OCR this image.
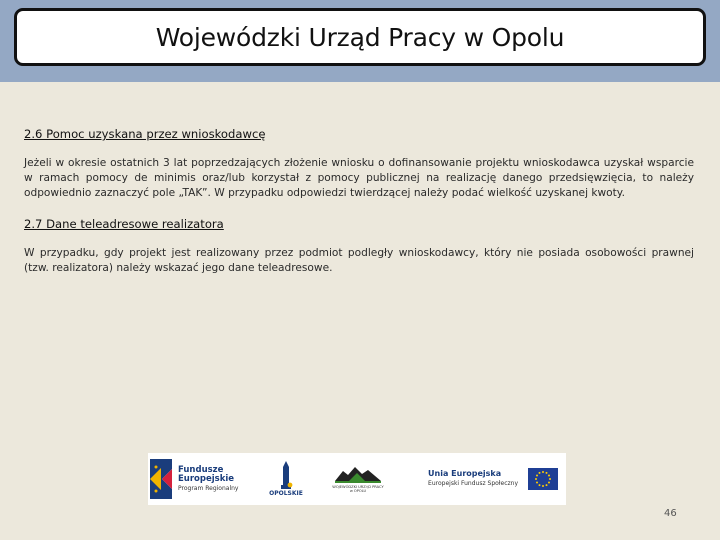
Wojewódzki Urząd Pracy w Opolu
2.6 Pomoc uzyskana przez wnioskodawcę

Jeżeli w okresie ostatnich 3 lat poprzedzających złożenie wniosku o dofinansowanie projektu wnioskodawca uzyskał wsparcie w ramach pomocy de minimis oraz/lub korzystał z pomocy publicznej na realizację danego przedsięwzięcia, to należy odpowiednio zaznaczyć pole „TAK”. W przypadku odpowiedzi twierdzącej należy podać wielkość uzyskanej kwoty.

2.7 Dane teleadresowe realizatora

W przypadku, gdy projekt jest realizowany przez podmiot podległy wnioskodawcy, który nie posiada osobowości prawnej (tzw. realizatora) należy wskazać jego dane teleadresowe.

Fundusze
Europejskie
Program Regionalny
OPOLSKIE
WOJEWÓDZKI URZĄD PRACY
w OPOLU
Unia Europejska
Europejski Fundusz Społeczny
46
